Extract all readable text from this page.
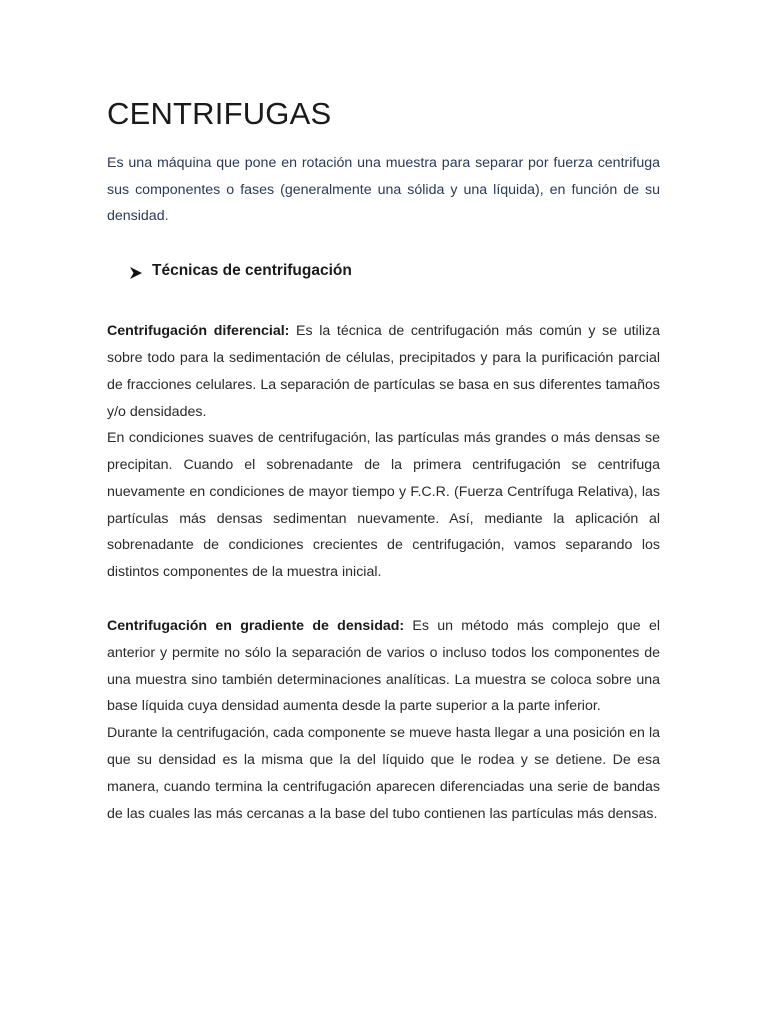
CENTRIFUGAS

Es una máquina que pone en rotación una muestra para separar por fuerza centrifuga sus componentes o fases (generalmente una sólida y una líquida), en función de su densidad.

Técnicas de centrifugación

Centrifugación diferencial: Es la técnica de centrifugación más común y se utiliza sobre todo para la sedimentación de células, precipitados y para la purificación parcial de fracciones celulares. La separación de partículas se basa en sus diferentes tamaños y/o densidades.

En condiciones suaves de centrifugación, las partículas más grandes o más densas se precipitan. Cuando el sobrenadante de la primera centrifugación se centrifuga nuevamente en condiciones de mayor tiempo y F.C.R. (Fuerza Centrífuga Relativa), las partículas más densas sedimentan nuevamente. Así, mediante la aplicación al sobrenadante de condiciones crecientes de centrifugación, vamos separando los distintos componentes de la muestra inicial.

Centrifugación en gradiente de densidad: Es un método más complejo que el anterior y permite no sólo la separación de varios o incluso todos los componentes de una muestra sino también determinaciones analíticas. La muestra se coloca sobre una base líquida cuya densidad aumenta desde la parte superior a la parte inferior.

Durante la centrifugación, cada componente se mueve hasta llegar a una posición en la que su densidad es la misma que la del líquido que le rodea y se detiene. De esa manera, cuando termina la centrifugación aparecen diferenciadas una serie de bandas de las cuales las más cercanas a la base del tubo contienen las partículas más densas.
